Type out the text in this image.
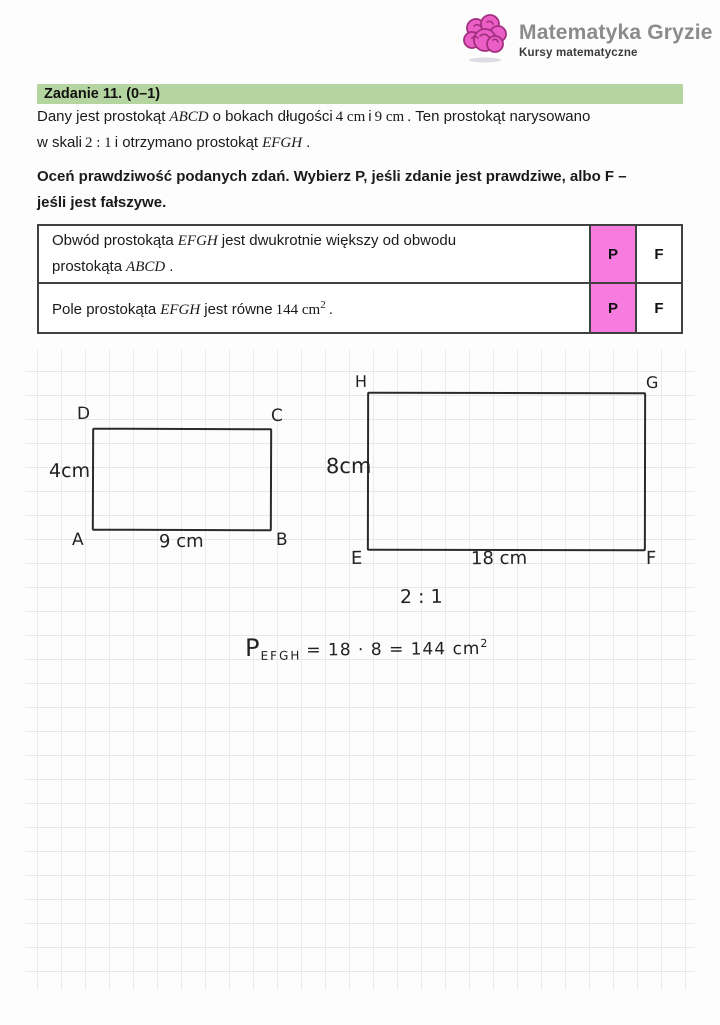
Matematyka Gryzie
Kursy matematyczne
Zadanie 11. (0–1)
Dany jest prostokąt ABCD o bokach długości 4 cm i 9 cm . Ten prostokąt narysowano
w skali 2 : 1 i otrzymano prostokąt EFGH .
Oceń prawdziwość podanych zdań. Wybierz P, jeśli zdanie jest prawdziwe, albo F –
jeśli jest fałszywe.
Obwód prostokąta EFGH jest dwukrotnie większy od obwodu
prostokąta ABCD .
P F
Pole prostokąta EFGH jest równe 144 $cm^2$ .	P F
D	C
A	B
4cm
9 cm
H	G
E	F
8cm
18 cm
2 : 1
$P_{EFGH} = 18 \cdot 8 = 144$ $cm^2$
